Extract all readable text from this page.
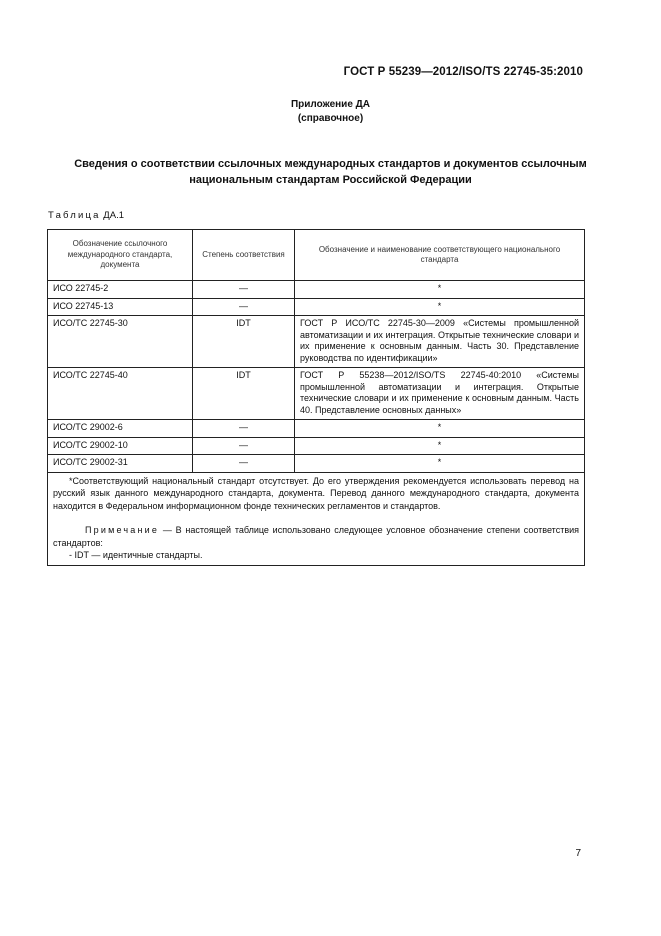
ГОСТ Р 55239—2012/ISO/TS 22745-35:2010
Приложение ДА
(справочное)
Сведения о соответствии ссылочных международных стандартов и документов ссылочным национальным стандартам Российской Федерации
Таблица ДА.1
Обозначение ссылочного международного стандарта, документа	Степень соответствия	Обозначение и наименование соответствующего национального стандарта
ИСО 22745-2	—	*
ИСО 22745-13	—	*
ИСО/ТС 22745-30	IDT	ГОСТ Р ИСО/ТС 22745-30—2009 «Системы промышленной автоматизации и их интеграция. Открытые технические словари и их применение к основным данным. Часть 30. Представление руководства по идентификации»
ИСО/ТС 22745-40	IDT	ГОСТ Р 55238—2012/ISO/TS 22745-40:2010 «Системы промышленной автоматизации и интеграция. Открытые технические словари и их применение к основным данным. Часть 40. Представление основных данных»
ИСО/ТС 29002-6	—	*
ИСО/ТС 29002-10	—	*
ИСО/ТС 29002-31	—	*

*Соответствующий национальный стандарт отсутствует. До его утверждения рекомендуется использовать перевод на русский язык данного международного стандарта, документа. Перевод данного международного стандарта, документа находится в Федеральном информационном фонде технических регламентов и стандартов.

Примечание — В настоящей таблице использовано следующее условное обозначение степени соответствия стандартов:

- IDT — идентичные стандарты.		

7
